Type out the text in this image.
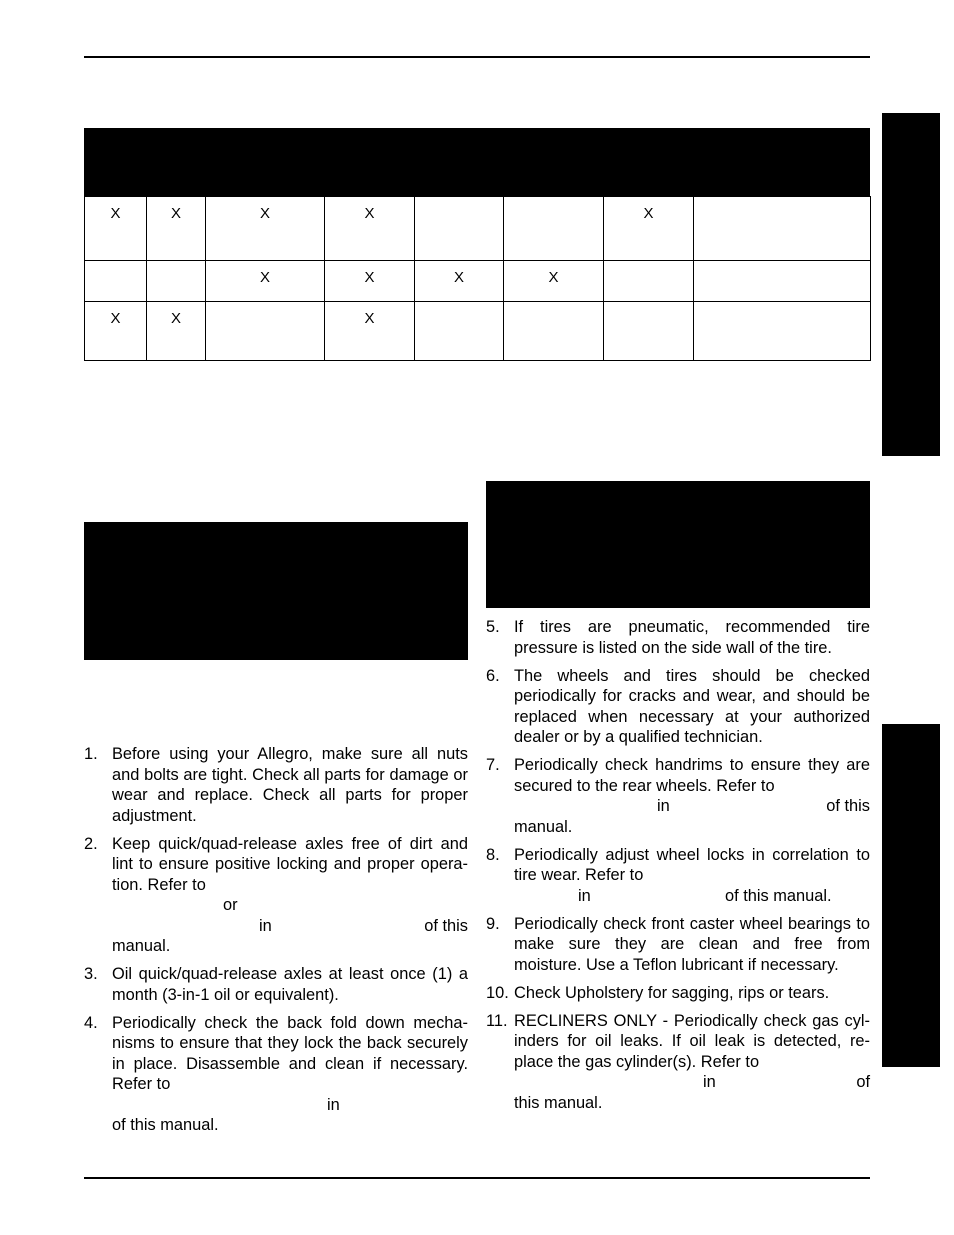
X	X	X	X			X	
		X	X	X	X		
X	X		X				
1. Before using your Allegro, make sure all nuts and bolts are tight. Check all parts for damage or wear and replace. Check all parts for proper adjustment.
2. Keep quick/quad-release axles free of dirt and
lint to ensure positive locking and proper opera-
tion. Refer to
or
in	of this
manual.
3. Oil quick/quad-release axles at least once (1) a month (3-in-1 oil or equivalent).
4. Periodically check the back fold down mecha-
nisms to ensure that they lock the back securely
in place. Disassemble and clean if necessary.
Refer to
in
of this manual.
5. If tires are pneumatic, recommended tire pressure is listed on the side wall of the tire.
6. The wheels and tires should be checked periodically for cracks and wear, and should be replaced when necessary at your authorized dealer or by a qualified technician.
7. Periodically check handrims to ensure they are
secured to the rear wheels. Refer to
in	of this
manual.
8. Periodically adjust wheel locks in correlation to
tire wear. Refer to
in	of this manual.
9. Periodically check front caster wheel bearings to make sure they are clean and free from moisture. Use a Teflon lubricant if necessary.
10. Check Upholstery for sagging, rips or tears.
11. RECLINERS ONLY - Periodically check gas cyl-
inders for oil leaks. If oil leak is detected, re-
place the gas cylinder(s). Refer to
in	of
this manual.
